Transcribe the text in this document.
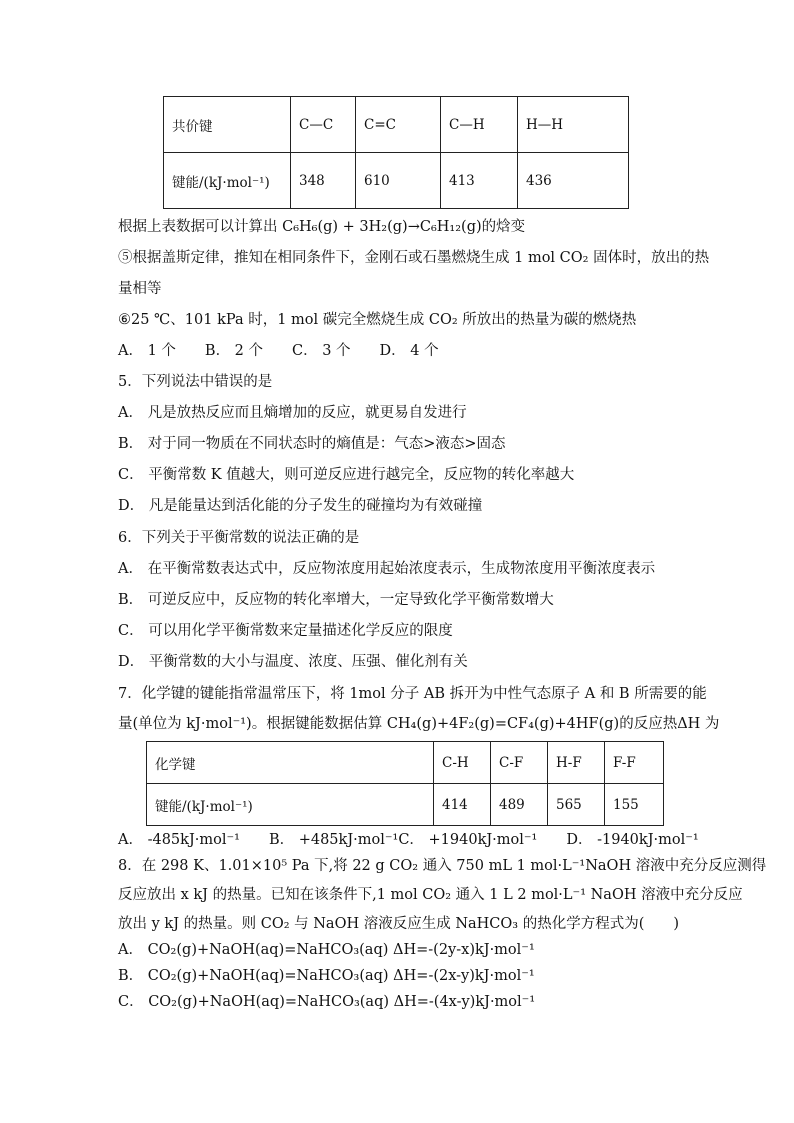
共价键	C—C	C=C	C—H	H—H
键能/(kJ·mol⁻¹)	348	610	413	436
根据上表数据可以计算出 C₆H₆(g) + 3H₂(g)→C₆H₁₂(g)的焓变
⑤根据盖斯定律，推知在相同条件下，金刚石或石墨燃烧生成 1 mol CO₂ 固体时，放出的热
量相等
⑥25 ℃、101 kPa 时，1 mol 碳完全燃烧生成 CO₂ 所放出的热量为碳的燃烧热
A． 1 个　　B． 2 个　　C． 3 个　　D． 4 个
5．下列说法中错误的是
A． 凡是放热反应而且熵增加的反应，就更易自发进行
B． 对于同一物质在不同状态时的熵值是：气态>液态>固态
C． 平衡常数 K 值越大，则可逆反应进行越完全，反应物的转化率越大
D． 凡是能量达到活化能的分子发生的碰撞均为有效碰撞
6．下列关于平衡常数的说法正确的是
A． 在平衡常数表达式中，反应物浓度用起始浓度表示，生成物浓度用平衡浓度表示
B． 可逆反应中，反应物的转化率增大，一定导致化学平衡常数增大
C． 可以用化学平衡常数来定量描述化学反应的限度
D． 平衡常数的大小与温度、浓度、压强、催化剂有关
7．化学键的键能指常温常压下，将 1mol 分子 AB 拆开为中性气态原子 A 和 B 所需要的能
量(单位为 kJ·mol⁻¹)。根据键能数据估算 CH₄(g)+4F₂(g)=CF₄(g)+4HF(g)的反应热ΔH 为
化学键	C-H	C-F	H-F	F-F
键能/(kJ·mol⁻¹)	414	489	565	155
A． -485kJ·mol⁻¹　　B． +485kJ·mol⁻¹C． +1940kJ·mol⁻¹　　D． -1940kJ·mol⁻¹
8．在 298 K、1.01×10⁵ Pa 下,将 22 g CO₂ 通入 750 mL 1 mol·L⁻¹NaOH 溶液中充分反应测得
反应放出 x kJ 的热量。已知在该条件下,1 mol CO₂ 通入 1 L 2 mol·L⁻¹ NaOH 溶液中充分反应
放出 y kJ 的热量。则 CO₂ 与 NaOH 溶液反应生成 NaHCO₃ 的热化学方程式为(　　)
A． CO₂(g)+NaOH(aq)=NaHCO₃(aq) ΔH=-(2y-x)kJ·mol⁻¹
B． CO₂(g)+NaOH(aq)=NaHCO₃(aq) ΔH=-(2x-y)kJ·mol⁻¹
C． CO₂(g)+NaOH(aq)=NaHCO₃(aq) ΔH=-(4x-y)kJ·mol⁻¹
